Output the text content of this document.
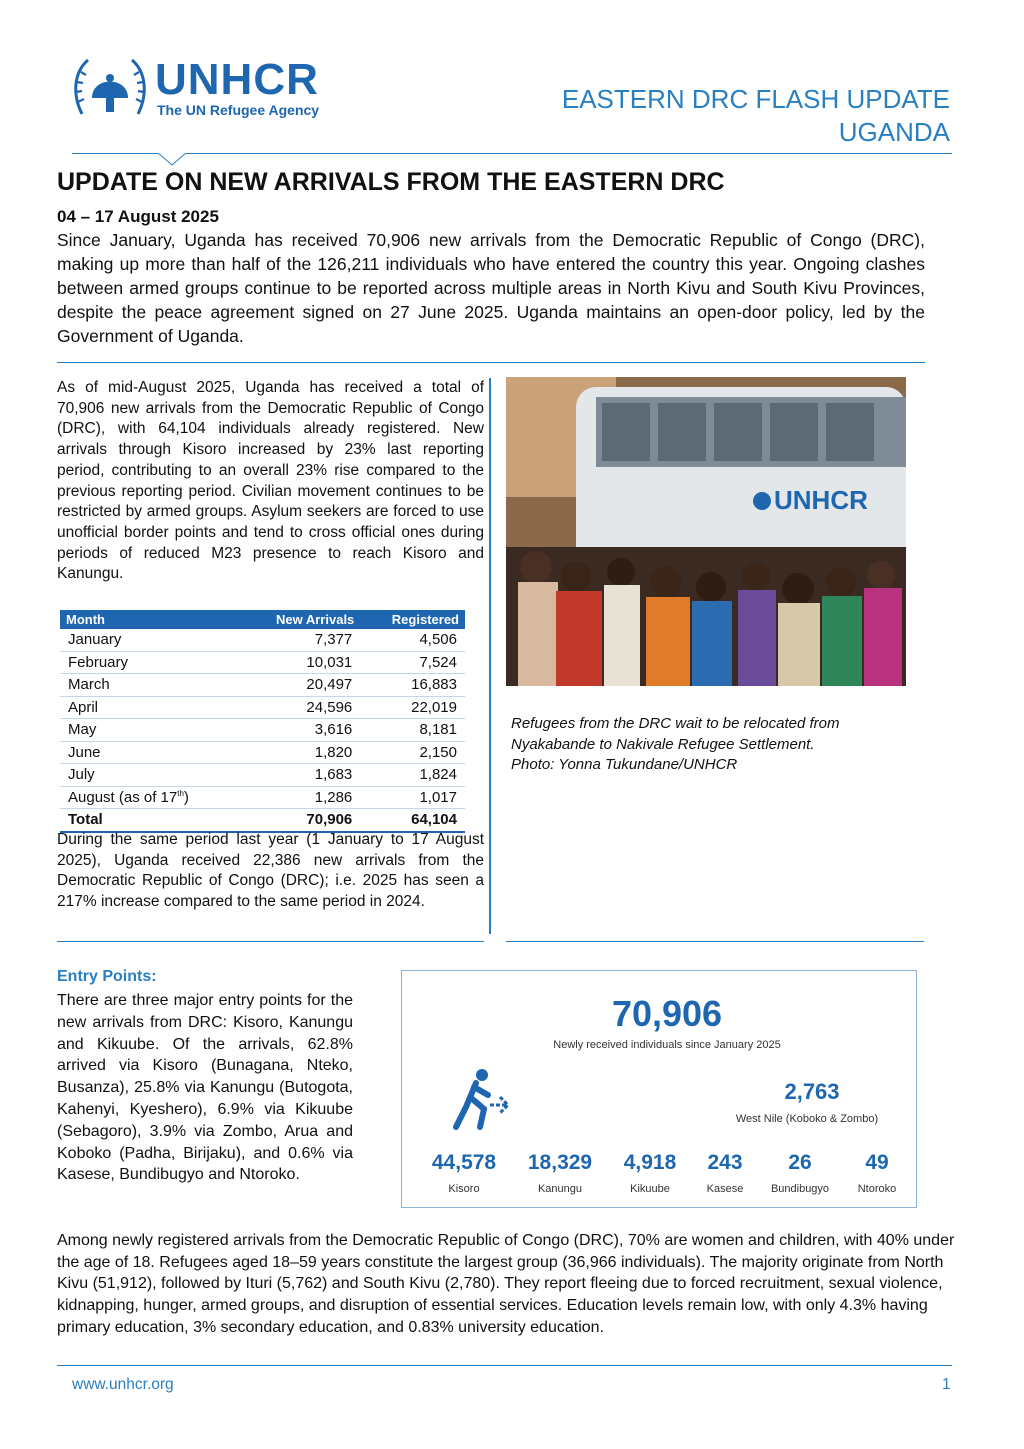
UNHCR
The UN Refugee Agency	EASTERN DRC FLASH UPDATE
UGANDA
UPDATE ON NEW ARRIVALS FROM THE EASTERN DRC
04 – 17 August 2025
Since January, Uganda has received 70,906 new arrivals from the Democratic Republic of Congo (DRC), making up more than half of the 126,211 individuals who have entered the country this year. Ongoing clashes between armed groups continue to be reported across multiple areas in North Kivu and South Kivu Provinces, despite the peace agreement signed on 27 June 2025. Uganda maintains an open-door policy, led by the Government of Uganda.
As of mid-August 2025, Uganda has received a total of 70,906 new arrivals from the Democratic Republic of Congo (DRC), with 64,104 individuals already registered. New arrivals through Kisoro increased by 23% last reporting period, contributing to an overall 23% rise compared to the previous reporting period. Civilian movement continues to be restricted by armed groups. Asylum seekers are forced to use unofficial border points and tend to cross official ones during periods of reduced M23 presence to reach Kisoro and Kanungu.
Month	New Arrivals	Registered
January	7,377	4,506
February	10,031	7,524
March	20,497	16,883
April	24,596	22,019
May	3,616	8,181
June	1,820	2,150
July	1,683	1,824
August (as of 17th)	1,286	1,017
Total	70,906	64,104
During the same period last year (1 January to 17 August 2025), Uganda received 22,386 new arrivals from the Democratic Republic of Congo (DRC); i.e. 2025 has seen a 217% increase compared to the same period in 2024.
UNHCR
Refugees from the DRC wait to be relocated from Nyakabande to Nakivale Refugee Settlement.
Photo: Yonna Tukundane/UNHCR
Entry Points:
There are three major entry points for the new arrivals from DRC: Kisoro, Kanungu and Kikuube. Of the arrivals, 62.8% arrived via Kisoro (Bunagana, Nteko, Busanza), 25.8% via Kanungu (Butogota, Kahenyi, Kyeshero), 6.9% via Kikuube (Sebagoro), 3.9% via Zombo, Arua and Koboko (Padha, Birijaku), and 0.6% via Kasese, Bundibugyo and Ntoroko.
70,906
Newly received individuals since January 2025
2,763
West Nile (Koboko & Zombo)
44,578
Kisoro
18,329
Kanungu
4,918
Kikuube
243
Kasese
26
Bundibugyo
49
Ntoroko
Among newly registered arrivals from the Democratic Republic of Congo (DRC), 70% are women and children, with 40% under the age of 18. Refugees aged 18–59 years constitute the largest group (36,966 individuals). The majority originate from North Kivu (51,912), followed by Ituri (5,762) and South Kivu (2,780). They report fleeing due to forced recruitment, sexual violence, kidnapping, hunger, armed groups, and disruption of essential services. Education levels remain low, with only 4.3% having primary education, 3% secondary education, and 0.83% university education.
www.unhcr.org	1
